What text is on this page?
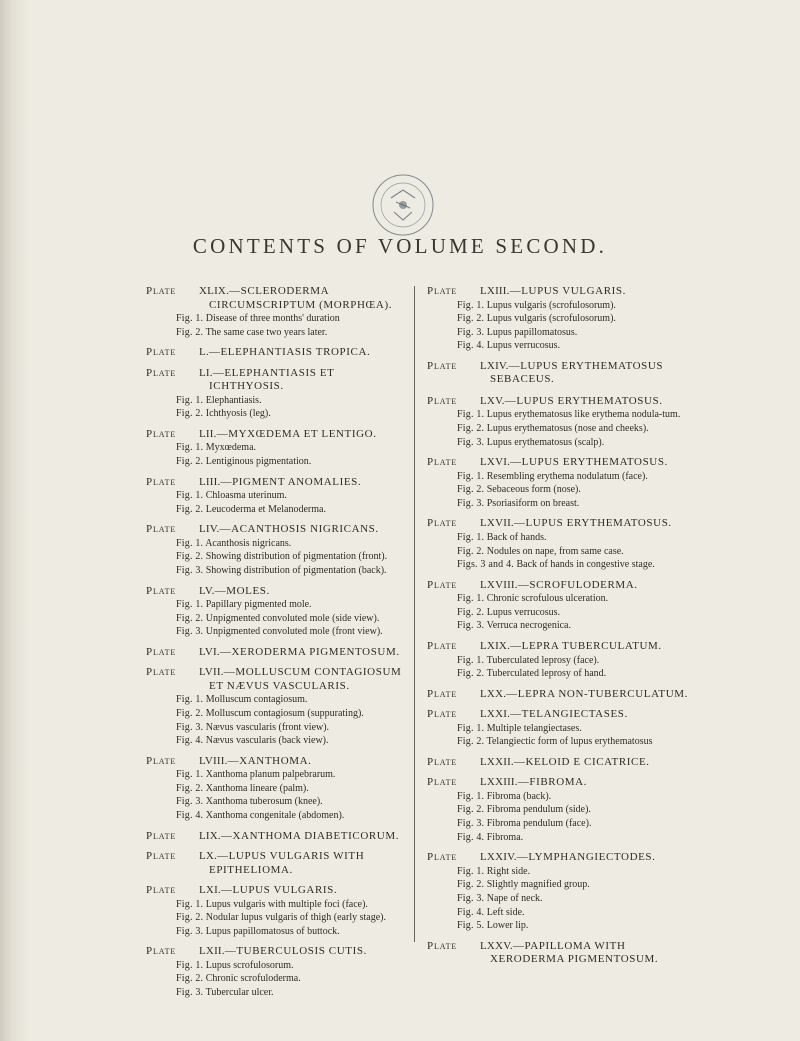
CONTENTS OF VOLUME SECOND.
Plate XLIX.—SCLERODERMA CIRCUMSCRIPTUM (MORPHŒA).
Fig. 1. Disease of three months' duration
Fig. 2. The same case two years later.
Plate L.—ELEPHANTIASIS TROPICA.
Plate LI.—ELEPHANTIASIS ET ICHTHYOSIS.
Fig. 1. Elephantiasis.
Fig. 2. Ichthyosis (leg).
Plate LII.—MYXŒDEMA ET LENTIGO.
Fig. 1. Myxœdema.
Fig. 2. Lentiginous pigmentation.
Plate LIII.—PIGMENT ANOMALIES.
Fig. 1. Chloasma uterinum.
Fig. 2. Leucoderma et Melanoderma.
Plate LIV.—ACANTHOSIS NIGRICANS.
Fig. 1. Acanthosis nigricans.
Fig. 2. Showing distribution of pigmentation (front).
Fig. 3. Showing distribution of pigmentation (back).
Plate LV.—MOLES.
Fig. 1. Papillary pigmented mole.
Fig. 2. Unpigmented convoluted mole (side view).
Fig. 3. Unpigmented convoluted mole (front view).
Plate LVI.—XERODERMA PIGMENTOSUM.
Plate LVII.—MOLLUSCUM CONTAGIOSUM ET NÆVUS VASCULARIS.
Fig. 1. Molluscum contagiosum.
Fig. 2. Molluscum contagiosum (suppurating).
Fig. 3. Nævus vascularis (front view).
Fig. 4. Nævus vascularis (back view).
Plate LVIII.—XANTHOMA.
Fig. 1. Xanthoma planum palpebrarum.
Fig. 2. Xanthoma lineare (palm).
Fig. 3. Xanthoma tuberosum (knee).
Fig. 4. Xanthoma congenitale (abdomen).
Plate LIX.—XANTHOMA DIABETICORUM.
Plate LX.—LUPUS VULGARIS WITH EPITHELIOMA.
Plate LXI.—LUPUS VULGARIS.
Fig. 1. Lupus vulgaris with multiple foci (face).
Fig. 2. Nodular lupus vulgaris of thigh (early stage).
Fig. 3. Lupus papillomatosus of buttock.
Plate LXII.—TUBERCULOSIS CUTIS.
Fig. 1. Lupus scrofulosorum.
Fig. 2. Chronic scrofuloderma.
Fig. 3. Tubercular ulcer.
Plate LXIII.—LUPUS VULGARIS.
Fig. 1. Lupus vulgaris (scrofulosorum).
Fig. 2. Lupus vulgaris (scrofulosorum).
Fig. 3. Lupus papillomatosus.
Fig. 4. Lupus verrucosus.
Plate LXIV.—LUPUS ERYTHEMATOSUS SEBACEUS.
Plate LXV.—LUPUS ERYTHEMATOSUS.
Fig. 1. Lupus erythematosus like erythema nodula-tum.
Fig. 2. Lupus erythematosus (nose and cheeks).
Fig. 3. Lupus erythematosus (scalp).
Plate LXVI.—LUPUS ERYTHEMATOSUS.
Fig. 1. Resembling erythema nodulatum (face).
Fig. 2. Sebaceous form (nose).
Fig. 3. Psoriasiform on breast.
Plate LXVII.—LUPUS ERYTHEMATOSUS.
Fig. 1. Back of hands.
Fig. 2. Nodules on nape, from same case.
Figs. 3 and 4. Back of hands in congestive stage.
Plate LXVIII.—SCROFULODERMA.
Fig. 1. Chronic scrofulous ulceration.
Fig. 2. Lupus verrucosus.
Fig. 3. Verruca necrogenica.
Plate LXIX.—LEPRA TUBERCULATUM.
Fig. 1. Tuberculated leprosy (face).
Fig. 2. Tuberculated leprosy of hand.
Plate LXX.—LEPRA NON-TUBERCULATUM.
Plate LXXI.—TELANGIECTASES.
Fig. 1. Multiple telangiectases.
Fig. 2. Telangiectic form of lupus erythematosus
Plate LXXII.—KELOID E CICATRICE.
Plate LXXIII.—FIBROMA.
Fig. 1. Fibroma (back).
Fig. 2. Fibroma pendulum (side).
Fig. 3. Fibroma pendulum (face).
Fig. 4. Fibroma.
Plate LXXIV.—LYMPHANGIECTODES.
Fig. 1. Right side.
Fig. 2. Slightly magnified group.
Fig. 3. Nape of neck.
Fig. 4. Left side.
Fig. 5. Lower lip.
Plate LXXV.—PAPILLOMA WITH XERODERMA PIGMENTOSUM.
